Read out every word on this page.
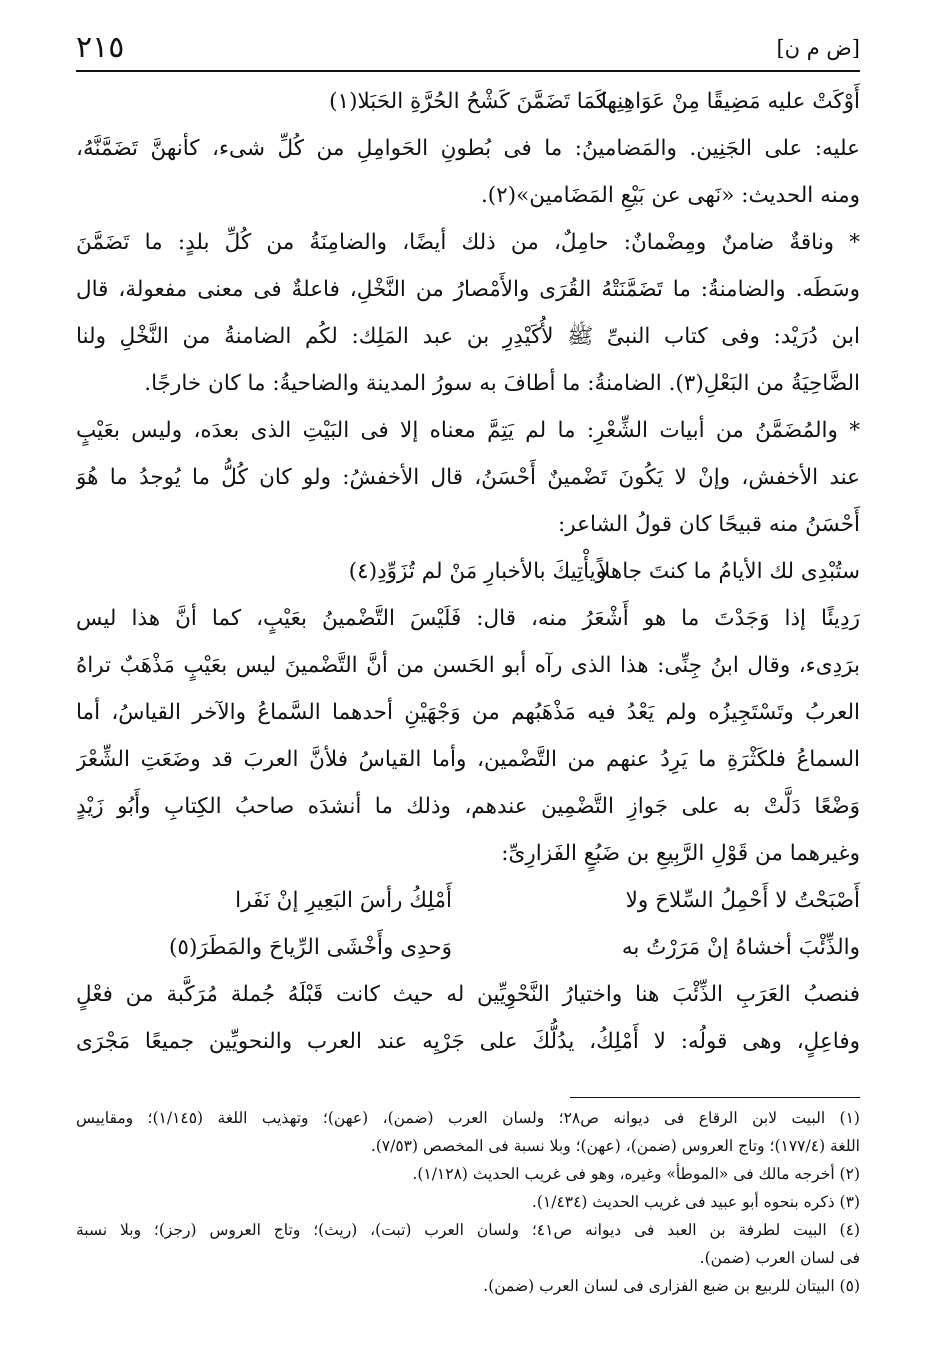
[ض م ن]
٢١٥
أَوْكَتْ عليه مَضِيقًا مِنْ عَوَاهِنِها
كَمَا تَضَمَّنَ كَشْحُ الحُرَّةِ الحَبَلا(١)
عليه: على الجَنِين. والمَضامينُ: ما فى بُطونِ الحَوامِلِ من كُلِّ شىء، كأنهنَّ تَضَمَّنَّهُ،
ومنه الحديث: «نَهى عن بَيْعِ المَضَامين»(٢).
* وناقةٌ ضامنٌ ومِضْمانٌ: حامِلٌ، من ذلك أيضًا، والضامِنَةُ من كُلِّ بلدٍ: ما تَضَمَّنَ
وسَطَه. والضامنةُ: ما تَضَمَّنَتْهُ القُرَى والأَمْصارُ من النَّخْلِ، فاعلةٌ فى معنى مفعولة، قال
ابن دُرَيْد: وفى كتاب النبىِّ ﷺ لأُكَيْدِرِ بن عبد المَلِك: لكُم الضامنةُ من النَّخْلِ ولنا
الضَّاحِيَةُ من البَعْلِ(٣). الضامنةُ: ما أطافَ به سورُ المدينة والضاحيةُ: ما كان خارجًا.
* والمُضَمَّنُ من أبيات الشِّعْرِ: ما لم يَتِمَّ معناه إلا فى البَيْتِ الذى بعدَه، وليس بعَيْبٍ
عند الأخفش، وإنْ لا يَكُونَ تَضْمينٌ أَحْسَنُ، قال الأخفشُ: ولو كان كُلُّ ما يُوجدُ ما هُوَ
أَحْسَنُ منه قبيحًا كان قولُ الشاعر:
ستُبْدِى لك الأيامُ ما كنتَ جاهلاً
ويأْتِيكَ بالأخبارِ مَنْ لم تُزَوِّدِ(٤)
رَدِيئًا إذا وَجَدْتَ ما هو أَشْعَرُ منه، قال: فَلَيْسَ التَّضْمينُ بعَيْبٍ، كما أنَّ هذا ليس
برَدِىء، وقال ابنُ جِنِّى: هذا الذى رآه أبو الحَسن من أنَّ التَّضْمينَ ليس بعَيْبٍ مَذْهَبٌ تراهُ
العربُ وتَسْتَجِيزُه ولم يَعْدُ فيه مَذْهَبُهم من وَجْهَيْنِ أحدهما السَّماعُ والآخر القياسُ، أما
السماعُ فلكَثْرَةِ ما يَرِدُ عنهم من التَّضْمين، وأما القياسُ فلأنَّ العربَ قد وضَعَتِ الشِّعْرَ
وَضْعًا دَلَّتْ به على جَوازِ التَّضْمِين عندهم، وذلك ما أنشدَه صاحبُ الكِتابِ وأَبُو زَيْدٍ
وغيرهما من قَوْلِ الرَّبِيعِ بن ضَبُعٍ الفَزارِىِّ:
أَصْبَحْتُ لا أَحْمِلُ السِّلاحَ ولا
أَمْلِكُ رأسَ البَعِيرِ إنْ نَفَرا
والذِّئْبَ أخشاهُ إنْ مَرَرْتُ به
وَحدِى وأَخْشَى الرِّياحَ والمَطَرَ(٥)
فنصبُ العَرَبِ الذِّئْبَ هنا واختيارُ النَّحْوِيِّين له حيث كانت قَبْلَهُ جُملة مُرَكَّبة من فعْلٍ
وفاعِلٍ، وهى قولُه: لا أَمْلِكُ، يدُلُّكَ على جَرْيِه عند العرب والنحويِّين جميعًا مَجْرَى
(١) البيت لابن الرقاع فى ديوانه ص٢٨؛ ولسان العرب (ضمن)، (عهن)؛ وتهذيب اللغة (١/١٤٥)؛ ومقاييس
اللغة (١٧٧/٤)؛ وتاج العروس (ضمن)، (عهن)؛ وبلا نسبة فى المخصص (٧/٥٣).
(٢) أخرجه مالك فى «الموطأ» وغيره، وهو فى غريب الحديث (١/١٢٨).
(٣) ذكره بنحوه أبو عبيد فى غريب الحديث (١/٤٣٤).
(٤) البيت لطرفة بن العبد فى ديوانه ص٤١؛ ولسان العرب (تبت)، (ريث)؛ وتاج العروس (رجز)؛ وبلا نسبة
فى لسان العرب (ضمن).
(٥) البيتان للربيع بن ضبع الفزارى فى لسان العرب (ضمن).
